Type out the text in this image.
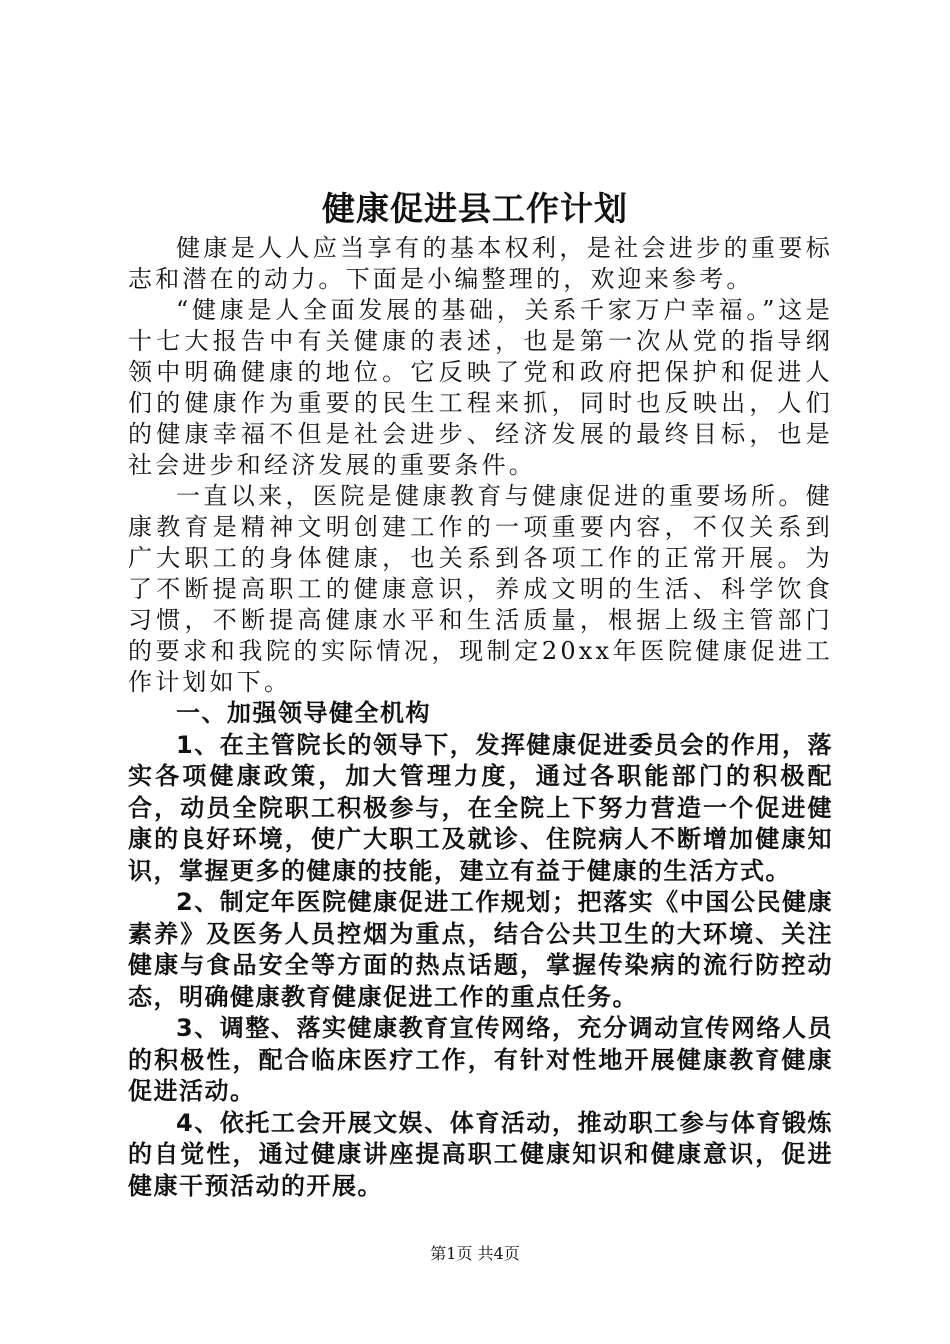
健康促进县工作计划

健康是人人应当享有的基本权利，是社会进步的重要标志和潜在的动力。下面是小编整理的，欢迎来参考。

“健康是人全面发展的基础，关系千家万户幸福。”这是十七大报告中有关健康的表述，也是第一次从党的指导纲领中明确健康的地位。它反映了党和政府把保护和促进人们的健康作为重要的民生工程来抓，同时也反映出，人们的健康幸福不但是社会进步、经济发展的最终目标，也是社会进步和经济发展的重要条件。

一直以来，医院是健康教育与健康促进的重要场所。健康教育是精神文明创建工作的一项重要内容，不仅关系到广大职工的身体健康，也关系到各项工作的正常开展。为了不断提高职工的健康意识，养成文明的生活、科学饮食习惯，不断提高健康水平和生活质量，根据上级主管部门的要求和我院的实际情况，现制定20xx年医院健康促进工作计划如下。

一、加强领导健全机构

1、在主管院长的领导下，发挥健康促进委员会的作用，落实各项健康政策，加大管理力度，通过各职能部门的积极配合，动员全院职工积极参与，在全院上下努力营造一个促进健康的良好环境，使广大职工及就诊、住院病人不断增加健康知识，掌握更多的健康的技能，建立有益于健康的生活方式。

2、制定年医院健康促进工作规划；把落实《中国公民健康素养》及医务人员控烟为重点，结合公共卫生的大环境、关注健康与食品安全等方面的热点话题，掌握传染病的流行防控动态，明确健康教育健康促进工作的重点任务。

3、调整、落实健康教育宣传网络，充分调动宣传网络人员的积极性，配合临床医疗工作，有针对性地开展健康教育健康促进活动。

4、依托工会开展文娱、体育活动，推动职工参与体育锻炼的自觉性，通过健康讲座提高职工健康知识和健康意识，促进健康干预活动的开展。

第1页 共4页
